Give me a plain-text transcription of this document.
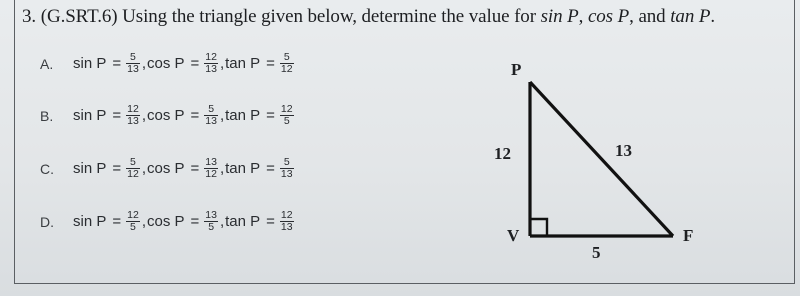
3. (G.SRT.6) Using the triangle given below, determine the value for sin P, cos P, and tan P.
A.	$\sin P = \frac{5}{13}$ , $\cos P = \frac{12}{13}$ , $\tan P = \frac{5}{12}$
B.	$\sin P = \frac{12}{13}$ , $\cos P = \frac{5}{13}$ , $\tan P = \frac{12}{5}$
C.	$\sin P = \frac{5}{12}$ , $\cos P = \frac{13}{12}$ , $\tan P = \frac{5}{13}$
D.	$\sin P = \frac{12}{5}$ , $\cos P = \frac{13}{5}$ , $\tan P = \frac{12}{13}$
P
V	F
12	13
5
